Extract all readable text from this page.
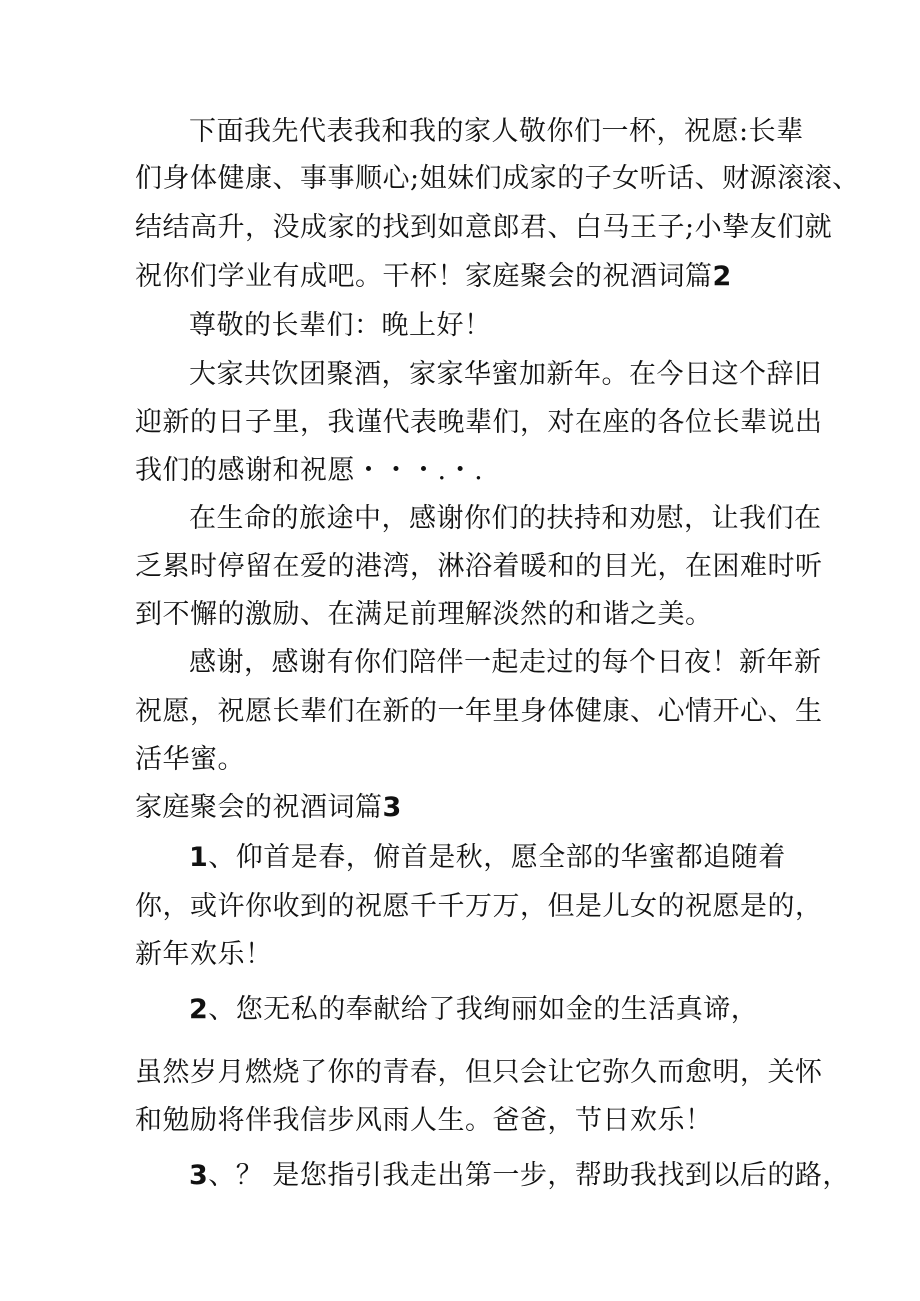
下面我先代表我和我的家人敬你们一杯，祝愿:长辈
们身体健康、事事顺心;姐妹们成家的子女听话、财源滚滚、
结结高升，没成家的找到如意郎君、白马王子;小挚友们就
祝你们学业有成吧。干杯！家庭聚会的祝酒词篇2
尊敬的长辈们：晚上好！
大家共饮团聚酒，家家华蜜加新年。在今日这个辞旧
迎新的日子里，我谨代表晚辈们，对在座的各位长辈说出
我们的感谢和祝愿・・・.・.
在生命的旅途中，感谢你们的扶持和劝慰，让我们在
乏累时停留在爱的港湾，淋浴着暖和的目光，在困难时听
到不懈的激励、在满足前理解淡然的和谐之美。
感谢，感谢有你们陪伴一起走过的每个日夜！新年新
祝愿，祝愿长辈们在新的一年里身体健康、心情开心、生
活华蜜。
家庭聚会的祝酒词篇3
1、仰首是春，俯首是秋，愿全部的华蜜都追随着
你，或许你收到的祝愿千千万万，但是儿女的祝愿是的，
新年欢乐！
2、您无私的奉献给了我绚丽如金的生活真谛，
虽然岁月燃烧了你的青春，但只会让它弥久而愈明，关怀
和勉励将伴我信步风雨人生。爸爸，节日欢乐！
3、？ 是您指引我走出第一步，帮助我找到以后的路，
